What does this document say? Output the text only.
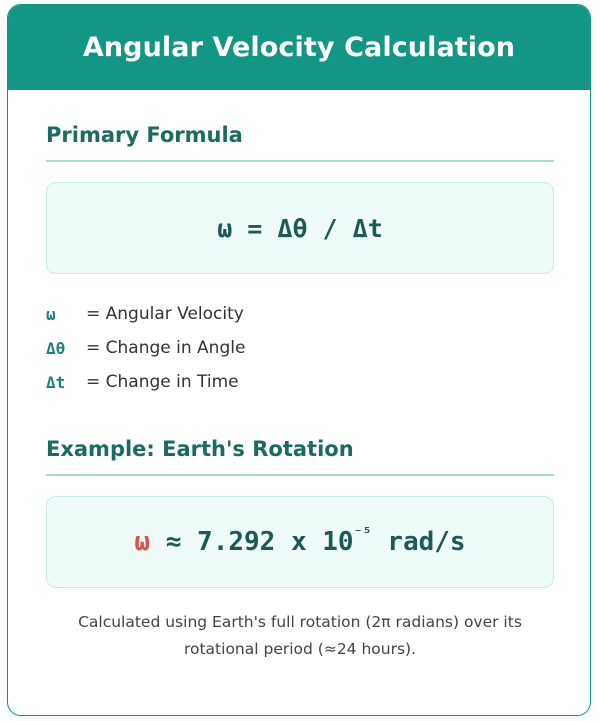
Angular Velocity Calculation
Primary Formula
ω = Δθ / Δt
ω	= Angular Velocity
Δθ	= Change in Angle
Δt	= Change in Time
Example: Earth's Rotation
ω ≈ 7.292 x $10^{^{-5}}$ rad/s
Calculated using Earth's full rotation (2π radians) over its rotational period (≈24 hours).
